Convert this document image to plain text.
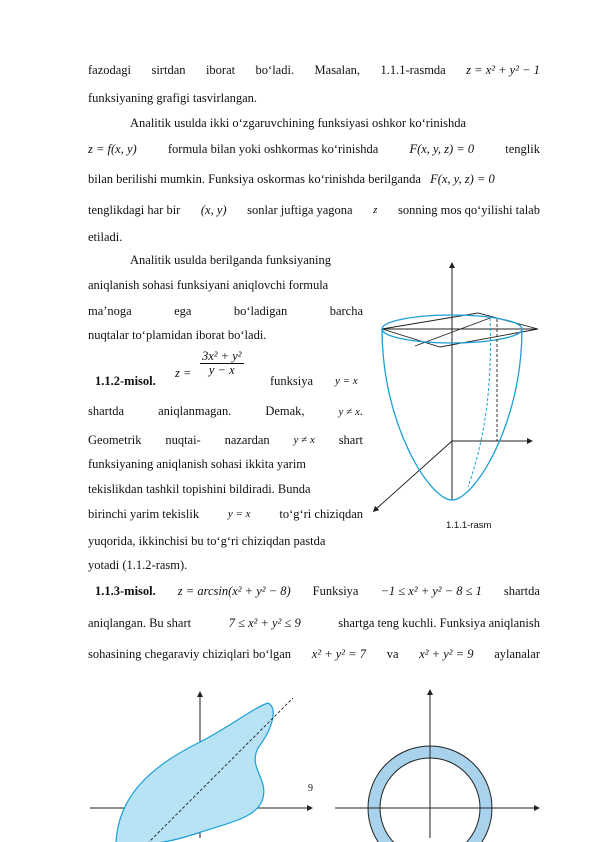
fazodagi sirtdan iborat bo‘ladi. Masalan, 1.1.1-rasmda z = x² + y² − 1
funksiyaning grafigi tasvirlangan.
Analitik usulda ikki o‘zgaruvchining funksiyasi oshkor ko‘rinishda
z = f(x, y) formula bilan yoki oshkormas ko‘rinishda F(x, y, z) = 0 tenglik
bilan berilishi mumkin. Funksiya oskormas ko‘rinishda berilganda F(x, y, z) = 0
tenglikdagi har bir (x, y) sonlar juftiga yagona z sonning mos qo‘yilishi talab
etiladi.
Analitik usulda berilganda funksiyaning
aniqlanish sohasi funksiyani aniqlovchi formula
ma’noga	ega	bo‘ladigan	barcha
nuqtalar to‘plamidan iborat bo‘ladi.
1.1.2-misol.
$z = \frac{\text{3x² + y²}}{y - x}$
funksiya y = x
shartda	aniqlanmagan.	Demak,	y ≠ x.
Geometrik nuqtai- nazardan y ≠ x shart
funksiyaning aniqlanish sohasi ikkita yarim
tekislikdan tashkil topishini bildiradi. Bunda
birinchi yarim tekislik	y = x to‘g‘ri chiziqdan
yuqorida, ikkinchisi bu to‘g‘ri chiziqdan pastda
yotadi (1.1.2-rasm).
1.1.3-misol. z = arcsin(x² + y² − 8) Funksiya −1 ≤ x² + y² − 8 ≤ 1 shartda
aniqlangan. Bu shart	7 ≤ x² + y² ≤ 9	shartga teng kuchli. Funksiya aniqlanish
sohasining chegaraviy chiziqlari bo‘lgan x² + y² = 7 va x² + y² = 9 aylanalar
1.1.1-rasm
9
